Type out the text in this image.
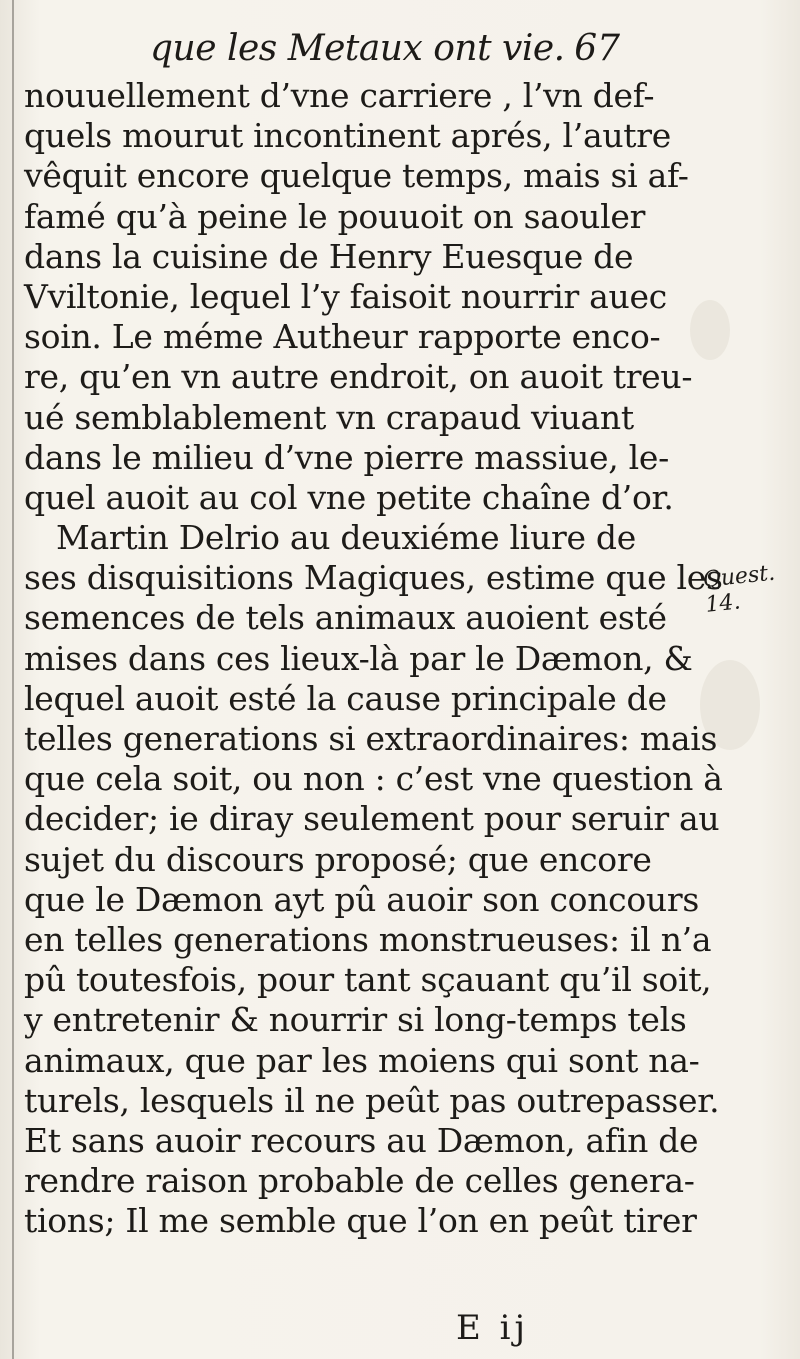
que les Metaux ont vie. 67
nouuellement d’vne carriere , l’vn def-
quels mourut incontinent aprés, l’autre
vêquit encore quelque temps, mais si af-
famé qu’à peine le pouuoit on saouler
dans la cuisine de Henry Euesque de
Vviltonie, lequel l’y faisoit nourrir auec
soin. Le méme Autheur rapporte enco-
re, qu’en vn autre endroit, on auoit treu-
ué semblablement vn crapaud viuant
dans le milieu d’vne pierre massiue, le-
quel auoit au col vne petite chaîne d’or.
Martin Delrio au deuxiéme liure de
ses disquisitions Magiques, estime que les
semences de tels animaux auoient esté
mises dans ces lieux-là par le Dæmon, &
lequel auoit esté la cause principale de
telles generations si extraordinaires: mais
que cela soit, ou non : c’est vne question à
decider; ie diray seulement pour seruir au
sujet du discours proposé; que encore
que le Dæmon ayt pû auoir son concours
en telles generations monstrueuses: il n’a
pû toutesfois, pour tant sçauant qu’il soit,
y entretenir & nourrir si long-temps tels
animaux, que par les moiens qui sont na-
turels, lesquels il ne peût pas outrepasser.
Et sans auoir recours au Dæmon, afin de
rendre raison probable de celles genera-
tions; Il me semble que l’on en peût tirer
Quest. 14.
E ij
